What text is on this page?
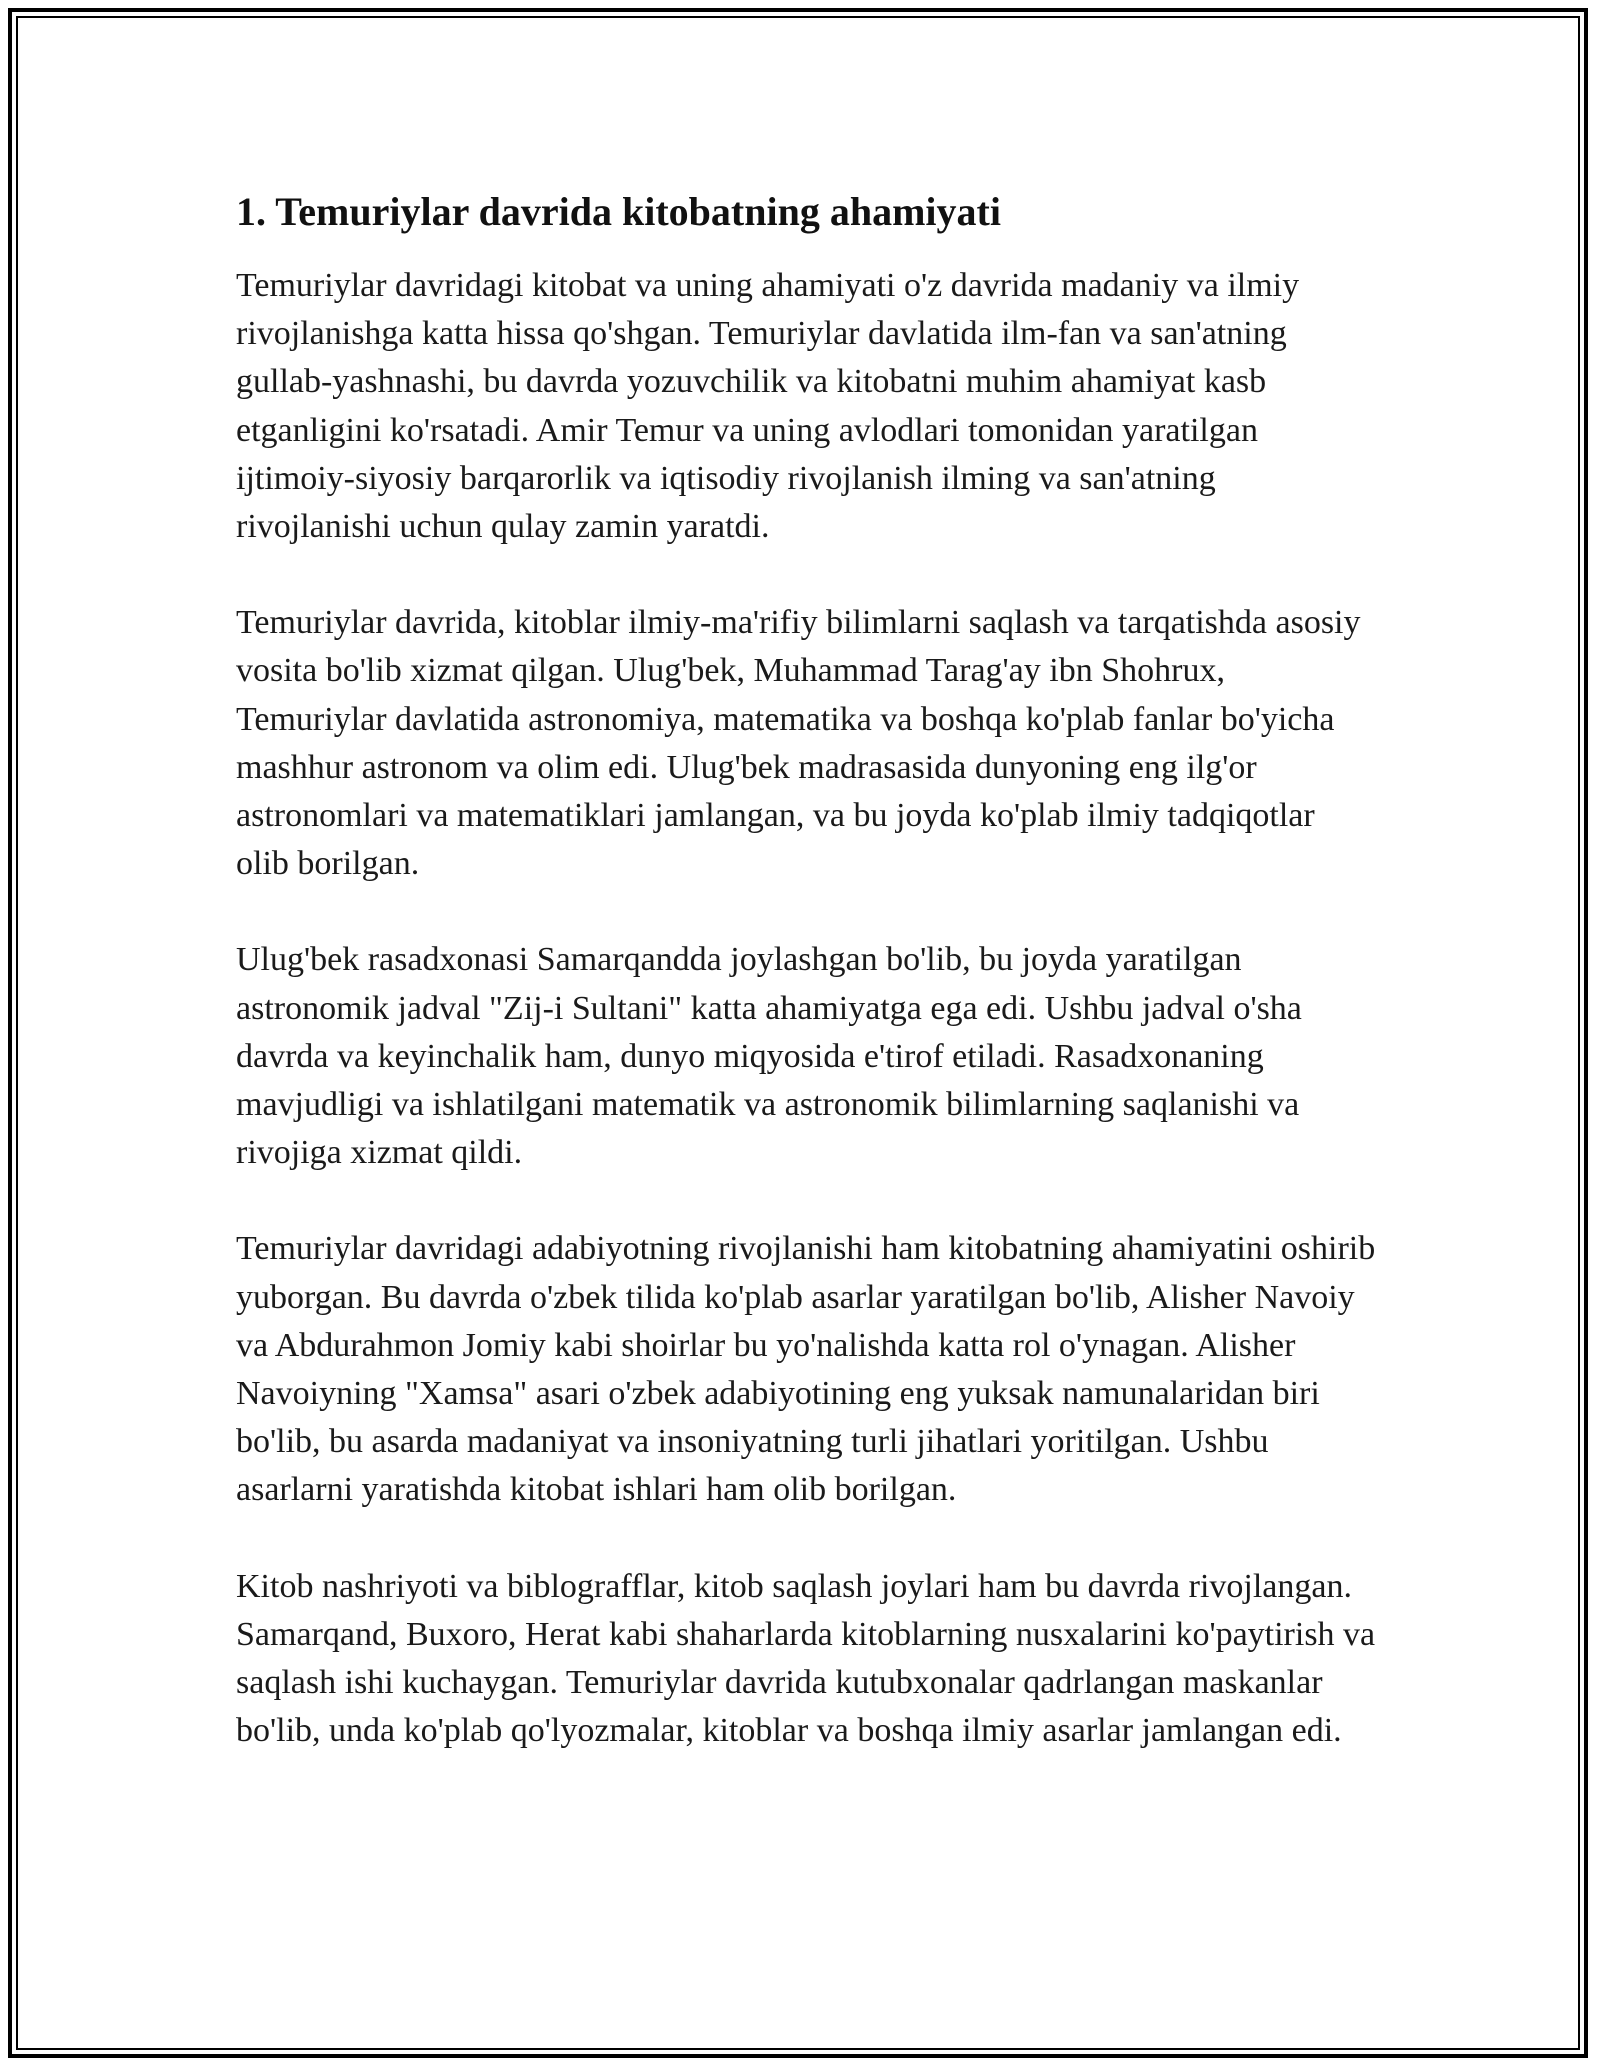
1. Temuriylar davrida kitobatning ahamiyati

Temuriylar davridagi kitobat va uning ahamiyati o'z davrida madaniy va ilmiy rivojlanishga katta hissa qo'shgan. Temuriylar davlatida ilm-fan va san'atning gullab-yashnashi, bu davrda yozuvchilik va kitobatni muhim ahamiyat kasb etganligini ko'rsatadi. Amir Temur va uning avlodlari tomonidan yaratilgan ijtimoiy-siyosiy barqarorlik va iqtisodiy rivojlanish ilming va san'atning rivojlanishi uchun qulay zamin yaratdi.

Temuriylar davrida, kitoblar ilmiy-ma'rifiy bilimlarni saqlash va tarqatishda asosiy vosita bo'lib xizmat qilgan. Ulug'bek, Muhammad Tarag'ay ibn Shohrux, Temuriylar davlatida astronomiya, matematika va boshqa ko'plab fanlar bo'yicha mashhur astronom va olim edi. Ulug'bek madrasasida dunyoning eng ilg'or astronomlari va matematiklari jamlangan, va bu joyda ko'plab ilmiy tadqiqotlar olib borilgan.

Ulug'bek rasadxonasi Samarqandda joylashgan bo'lib, bu joyda yaratilgan astronomik jadval "Zij-i Sultani" katta ahamiyatga ega edi. Ushbu jadval o'sha davrda va keyinchalik ham, dunyo miqyosida e'tirof etiladi. Rasadxonaning mavjudligi va ishlatilgani matematik va astronomik bilimlarning saqlanishi va rivojiga xizmat qildi.

Temuriylar davridagi adabiyotning rivojlanishi ham kitobatning ahamiyatini oshirib yuborgan. Bu davrda o'zbek tilida ko'plab asarlar yaratilgan bo'lib, Alisher Navoiy va Abdurahmon Jomiy kabi shoirlar bu yo'nalishda katta rol o'ynagan. Alisher Navoiyning "Xamsa" asari o'zbek adabiyotining eng yuksak namunalaridan biri bo'lib, bu asarda madaniyat va insoniyatning turli jihatlari yoritilgan. Ushbu asarlarni yaratishda kitobat ishlari ham olib borilgan.

Kitob nashriyoti va biblografflar, kitob saqlash joylari ham bu davrda rivojlangan. Samarqand, Buxoro, Herat kabi shaharlarda kitoblarning nusxalarini ko'paytirish va saqlash ishi kuchaygan. Temuriylar davrida kutubxonalar qadrlangan maskanlar bo'lib, unda ko'plab qo'lyozmalar, kitoblar va boshqa ilmiy asarlar jamlangan edi.
